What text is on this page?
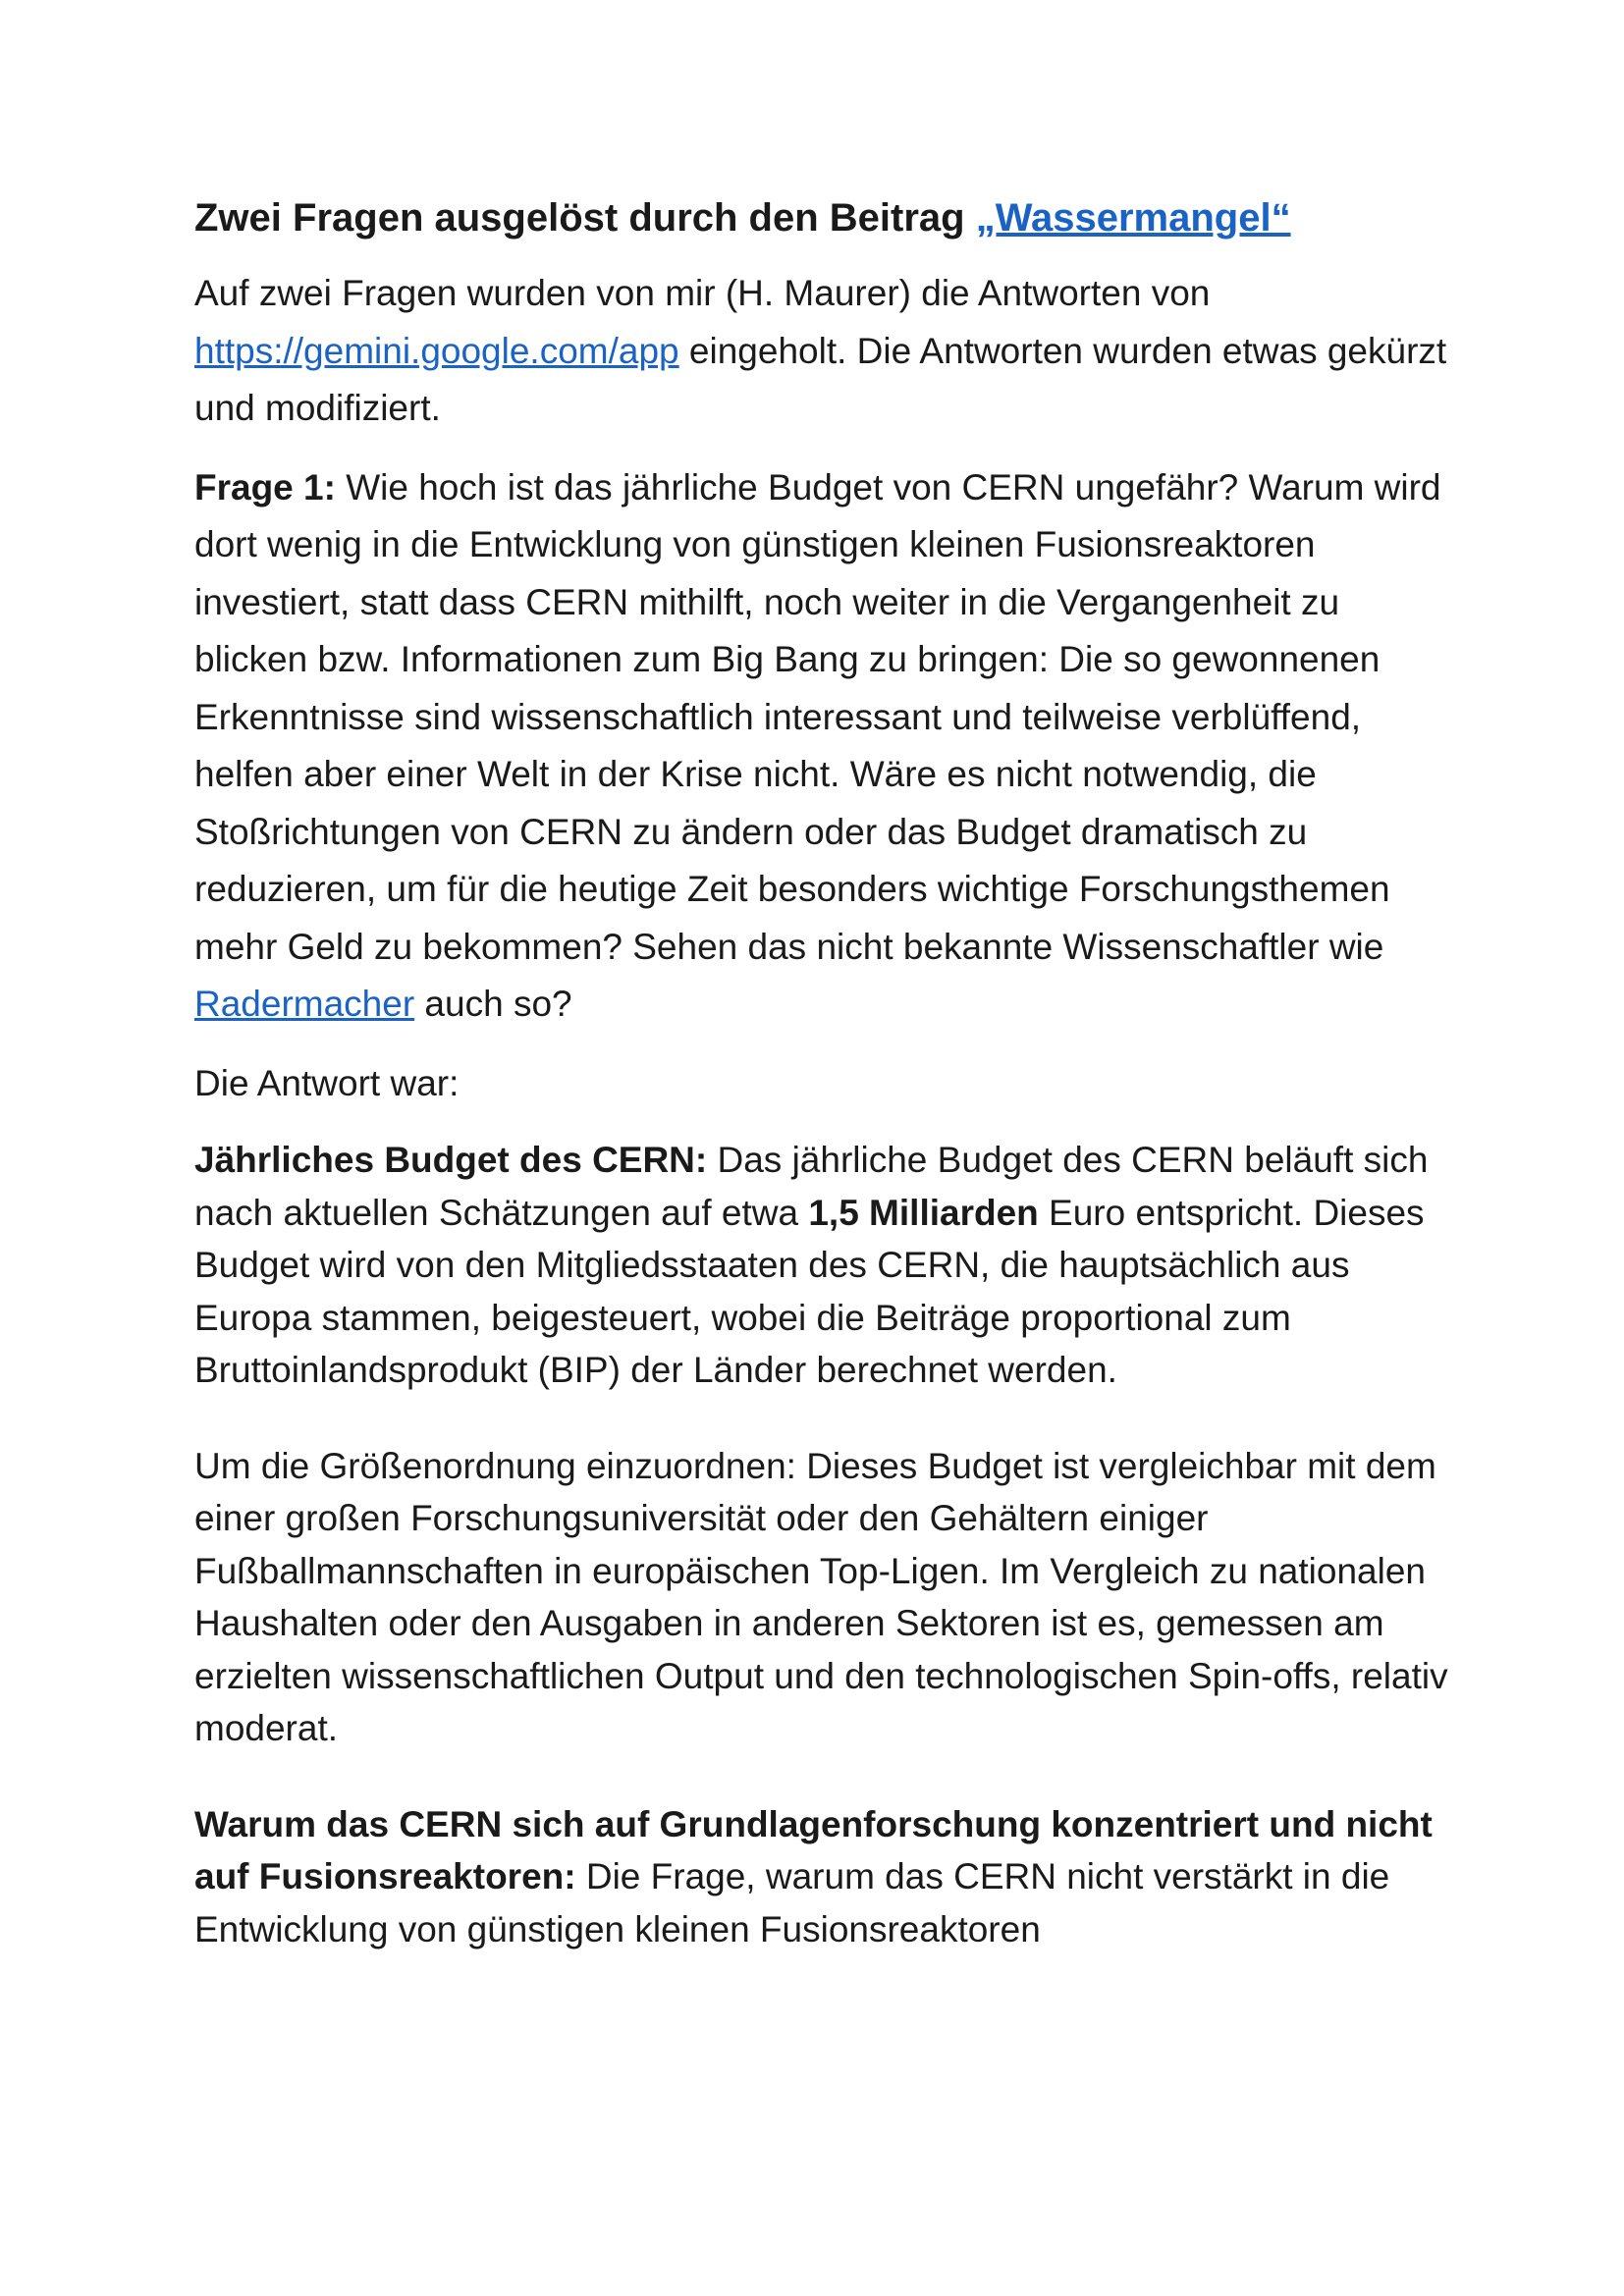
Zwei Fragen ausgelöst durch den Beitrag „Wassermangel“

Auf zwei Fragen wurden von mir (H. Maurer) die Antworten von https://gemini.google.com/app eingeholt. Die Antworten wurden etwas gekürzt und modifiziert.

Frage 1: Wie hoch ist das jährliche Budget von CERN ungefähr? Warum wird dort wenig in die Entwicklung von günstigen kleinen Fusionsreaktoren investiert, statt dass CERN mithilft, noch weiter in die Vergangenheit zu blicken bzw. Informationen zum Big Bang zu bringen: Die so gewonnenen Erkenntnisse sind wissenschaftlich interessant und teilweise verblüffend, helfen aber einer Welt in der Krise nicht. Wäre es nicht notwendig, die Stoßrichtungen von CERN zu ändern oder das Budget dramatisch zu reduzieren, um für die heutige Zeit besonders wichtige Forschungsthemen mehr Geld zu bekommen? Sehen das nicht bekannte Wissenschaftler wie Radermacher auch so?

Die Antwort war:

Jährliches Budget des CERN: Das jährliche Budget des CERN beläuft sich nach aktuellen Schätzungen auf etwa 1,5 Milliarden Euro entspricht. Dieses Budget wird von den Mitgliedsstaaten des CERN, die hauptsächlich aus Europa stammen, beigesteuert, wobei die Beiträge proportional zum Bruttoinlandsprodukt (BIP) der Länder berechnet werden.

Um die Größenordnung einzuordnen: Dieses Budget ist vergleichbar mit dem einer großen Forschungsuniversität oder den Gehältern einiger Fußballmannschaften in europäischen Top-Ligen. Im Vergleich zu nationalen Haushalten oder den Ausgaben in anderen Sektoren ist es, gemessen am erzielten wissenschaftlichen Output und den technologischen Spin-offs, relativ moderat.

Warum das CERN sich auf Grundlagenforschung konzentriert und nicht auf Fusionsreaktoren: Die Frage, warum das CERN nicht verstärkt in die Entwicklung von günstigen kleinen Fusionsreaktoren
